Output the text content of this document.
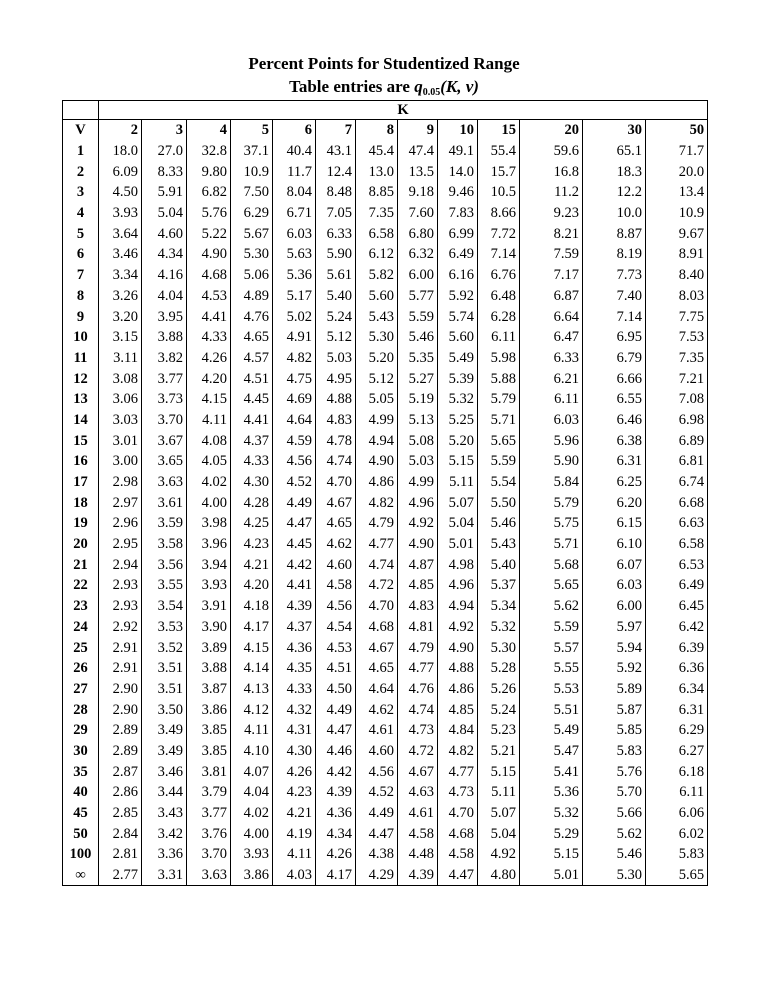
Percent Points for Studentized Range
Table entries are $q_{0.05}(K$, v)
	K												
V	2	3	4	5	6	7	8	9	10	15	20	30	50
1	18.0	27.0	32.8	37.1	40.4	43.1	45.4	47.4	49.1	55.4	59.6	65.1	71.7
2	6.09	8.33	9.80	10.9	11.7	12.4	13.0	13.5	14.0	15.7	16.8	18.3	20.0
3	4.50	5.91	6.82	7.50	8.04	8.48	8.85	9.18	9.46	10.5	11.2	12.2	13.4
4	3.93	5.04	5.76	6.29	6.71	7.05	7.35	7.60	7.83	8.66	9.23	10.0	10.9
5	3.64	4.60	5.22	5.67	6.03	6.33	6.58	6.80	6.99	7.72	8.21	8.87	9.67
6	3.46	4.34	4.90	5.30	5.63	5.90	6.12	6.32	6.49	7.14	7.59	8.19	8.91
7	3.34	4.16	4.68	5.06	5.36	5.61	5.82	6.00	6.16	6.76	7.17	7.73	8.40
8	3.26	4.04	4.53	4.89	5.17	5.40	5.60	5.77	5.92	6.48	6.87	7.40	8.03
9	3.20	3.95	4.41	4.76	5.02	5.24	5.43	5.59	5.74	6.28	6.64	7.14	7.75
10	3.15	3.88	4.33	4.65	4.91	5.12	5.30	5.46	5.60	6.11	6.47	6.95	7.53
11	3.11	3.82	4.26	4.57	4.82	5.03	5.20	5.35	5.49	5.98	6.33	6.79	7.35
12	3.08	3.77	4.20	4.51	4.75	4.95	5.12	5.27	5.39	5.88	6.21	6.66	7.21
13	3.06	3.73	4.15	4.45	4.69	4.88	5.05	5.19	5.32	5.79	6.11	6.55	7.08
14	3.03	3.70	4.11	4.41	4.64	4.83	4.99	5.13	5.25	5.71	6.03	6.46	6.98
15	3.01	3.67	4.08	4.37	4.59	4.78	4.94	5.08	5.20	5.65	5.96	6.38	6.89
16	3.00	3.65	4.05	4.33	4.56	4.74	4.90	5.03	5.15	5.59	5.90	6.31	6.81
17	2.98	3.63	4.02	4.30	4.52	4.70	4.86	4.99	5.11	5.54	5.84	6.25	6.74
18	2.97	3.61	4.00	4.28	4.49	4.67	4.82	4.96	5.07	5.50	5.79	6.20	6.68
19	2.96	3.59	3.98	4.25	4.47	4.65	4.79	4.92	5.04	5.46	5.75	6.15	6.63
20	2.95	3.58	3.96	4.23	4.45	4.62	4.77	4.90	5.01	5.43	5.71	6.10	6.58
21	2.94	3.56	3.94	4.21	4.42	4.60	4.74	4.87	4.98	5.40	5.68	6.07	6.53
22	2.93	3.55	3.93	4.20	4.41	4.58	4.72	4.85	4.96	5.37	5.65	6.03	6.49
23	2.93	3.54	3.91	4.18	4.39	4.56	4.70	4.83	4.94	5.34	5.62	6.00	6.45
24	2.92	3.53	3.90	4.17	4.37	4.54	4.68	4.81	4.92	5.32	5.59	5.97	6.42
25	2.91	3.52	3.89	4.15	4.36	4.53	4.67	4.79	4.90	5.30	5.57	5.94	6.39
26	2.91	3.51	3.88	4.14	4.35	4.51	4.65	4.77	4.88	5.28	5.55	5.92	6.36
27	2.90	3.51	3.87	4.13	4.33	4.50	4.64	4.76	4.86	5.26	5.53	5.89	6.34
28	2.90	3.50	3.86	4.12	4.32	4.49	4.62	4.74	4.85	5.24	5.51	5.87	6.31
29	2.89	3.49	3.85	4.11	4.31	4.47	4.61	4.73	4.84	5.23	5.49	5.85	6.29
30	2.89	3.49	3.85	4.10	4.30	4.46	4.60	4.72	4.82	5.21	5.47	5.83	6.27
35	2.87	3.46	3.81	4.07	4.26	4.42	4.56	4.67	4.77	5.15	5.41	5.76	6.18
40	2.86	3.44	3.79	4.04	4.23	4.39	4.52	4.63	4.73	5.11	5.36	5.70	6.11
45	2.85	3.43	3.77	4.02	4.21	4.36	4.49	4.61	4.70	5.07	5.32	5.66	6.06
50	2.84	3.42	3.76	4.00	4.19	4.34	4.47	4.58	4.68	5.04	5.29	5.62	6.02
100	2.81	3.36	3.70	3.93	4.11	4.26	4.38	4.48	4.58	4.92	5.15	5.46	5.83
∞	2.77	3.31	3.63	3.86	4.03	4.17	4.29	4.39	4.47	4.80	5.01	5.30	5.65
